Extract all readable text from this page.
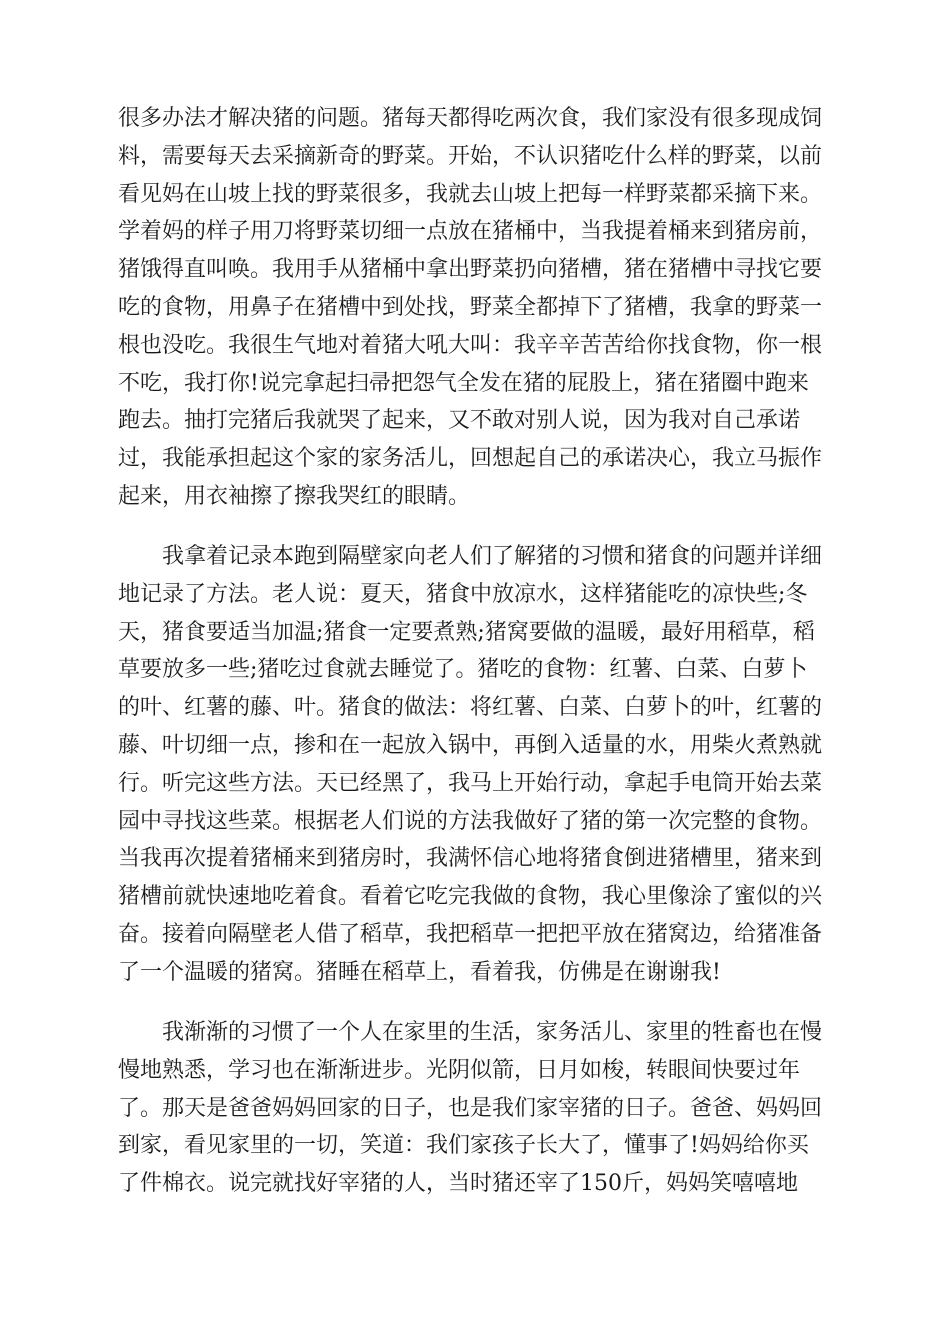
很多办法才解决猪的问题。猪每天都得吃两次食，我们家没有很多现成饲
料，需要每天去采摘新奇的野菜。开始，不认识猪吃什么样的野菜，以前
看见妈在山坡上找的野菜很多，我就去山坡上把每一样野菜都采摘下来。
学着妈的样子用刀将野菜切细一点放在猪桶中，当我提着桶来到猪房前，
猪饿得直叫唤。我用手从猪桶中拿出野菜扔向猪槽，猪在猪槽中寻找它要
吃的食物，用鼻子在猪槽中到处找，野菜全都掉下了猪槽，我拿的野菜一
根也没吃。我很生气地对着猪大吼大叫：我辛辛苦苦给你找食物，你一根
不吃，我打你!说完拿起扫帚把怨气全发在猪的屁股上，猪在猪圈中跑来
跑去。抽打完猪后我就哭了起来，又不敢对别人说，因为我对自己承诺
过，我能承担起这个家的家务活儿，回想起自己的承诺决心，我立马振作
起来，用衣袖擦了擦我哭红的眼睛。
我拿着记录本跑到隔壁家向老人们了解猪的习惯和猪食的问题并详细
地记录了方法。老人说：夏天，猪食中放凉水，这样猪能吃的凉快些;冬
天，猪食要适当加温;猪食一定要煮熟;猪窝要做的温暖，最好用稻草，稻
草要放多一些;猪吃过食就去睡觉了。猪吃的食物：红薯、白菜、白萝卜
的叶、红薯的藤、叶。猪食的做法：将红薯、白菜、白萝卜的叶，红薯的
藤、叶切细一点，掺和在一起放入锅中，再倒入适量的水，用柴火煮熟就
行。听完这些方法。天已经黑了，我马上开始行动，拿起手电筒开始去菜
园中寻找这些菜。根据老人们说的方法我做好了猪的第一次完整的食物。
当我再次提着猪桶来到猪房时，我满怀信心地将猪食倒进猪槽里，猪来到
猪槽前就快速地吃着食。看着它吃完我做的食物，我心里像涂了蜜似的兴
奋。接着向隔壁老人借了稻草，我把稻草一把把平放在猪窝边，给猪准备
了一个温暖的猪窝。猪睡在稻草上，看着我，仿佛是在谢谢我!
我渐渐的习惯了一个人在家里的生活，家务活儿、家里的牲畜也在慢
慢地熟悉，学习也在渐渐进步。光阴似箭，日月如梭，转眼间快要过年
了。那天是爸爸妈妈回家的日子，也是我们家宰猪的日子。爸爸、妈妈回
到家，看见家里的一切，笑道：我们家孩子长大了，懂事了!妈妈给你买
了件棉衣。说完就找好宰猪的人，当时猪还宰了150斤，妈妈笑嘻嘻地
